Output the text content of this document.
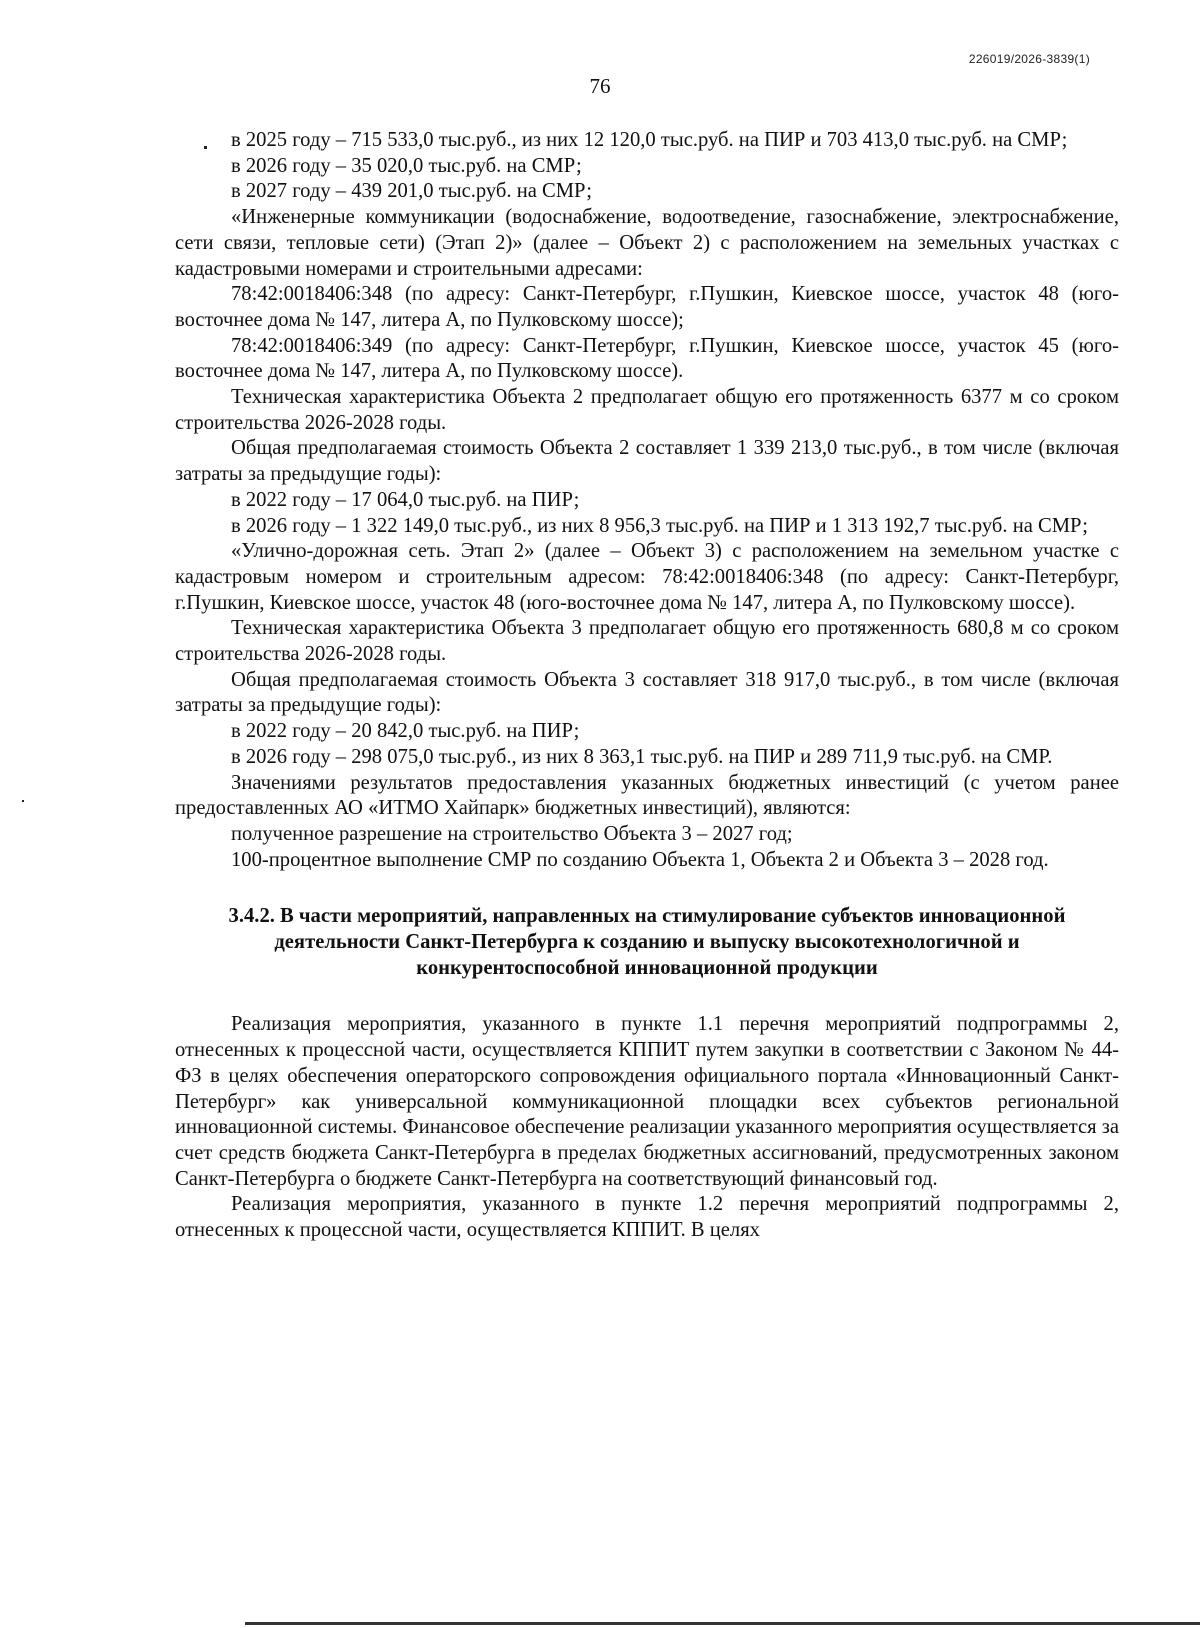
226019/2026-3839(1)
76

в 2025 году – 715 533,0 тыс.руб., из них 12 120,0 тыс.руб. на ПИР и 703 413,0 тыс.руб. на СМР;

в 2026 году – 35 020,0 тыс.руб. на СМР;

в 2027 году – 439 201,0 тыс.руб. на СМР;

«Инженерные коммуникации (водоснабжение, водоотведение, газоснабжение, электроснабжение, сети связи, тепловые сети) (Этап 2)» (далее – Объект 2) с расположением на земельных участках с кадастровыми номерами и строительными адресами:

78:42:0018406:348 (по адресу: Санкт-Петербург, г.Пушкин, Киевское шоссе, участок 48 (юго-восточнее дома № 147, литера А, по Пулковскому шоссе);

78:42:0018406:349 (по адресу: Санкт-Петербург, г.Пушкин, Киевское шоссе, участок 45 (юго-восточнее дома № 147, литера А, по Пулковскому шоссе).

Техническая характеристика Объекта 2 предполагает общую его протяженность 6377 м со сроком строительства 2026-2028 годы.

Общая предполагаемая стоимость Объекта 2 составляет 1 339 213,0 тыс.руб., в том числе (включая затраты за предыдущие годы):

в 2022 году – 17 064,0 тыс.руб. на ПИР;

в 2026 году – 1 322 149,0 тыс.руб., из них 8 956,3 тыс.руб. на ПИР и 1 313 192,7 тыс.руб. на СМР;

«Улично-дорожная сеть. Этап 2» (далее – Объект 3) с расположением на земельном участке с кадастровым номером и строительным адресом: 78:42:0018406:348 (по адресу: Санкт-Петербург, г.Пушкин, Киевское шоссе, участок 48 (юго-восточнее дома № 147, литера А, по Пулковскому шоссе).

Техническая характеристика Объекта 3 предполагает общую его протяженность 680,8 м со сроком строительства 2026-2028 годы.

Общая предполагаемая стоимость Объекта 3 составляет 318 917,0 тыс.руб., в том числе (включая затраты за предыдущие годы):

в 2022 году – 20 842,0 тыс.руб. на ПИР;

в 2026 году – 298 075,0 тыс.руб., из них 8 363,1 тыс.руб. на ПИР и 289 711,9 тыс.руб. на СМР.

Значениями результатов предоставления указанных бюджетных инвестиций (с учетом ранее предоставленных АО «ИТМО Хайпарк» бюджетных инвестиций), являются:

полученное разрешение на строительство Объекта 3 – 2027 год;

100-процентное выполнение СМР по созданию Объекта 1, Объекта 2 и Объекта 3 – 2028 год.

3.4.2. В части мероприятий, направленных на стимулирование субъектов инновационной деятельности Санкт-Петербурга к созданию и выпуску высокотехнологичной и конкурентоспособной инновационной продукции

Реализация мероприятия, указанного в пункте 1.1 перечня мероприятий подпрограммы 2, отнесенных к процессной части, осуществляется КППИТ путем закупки в соответствии с Законом № 44-ФЗ в целях обеспечения операторского сопровождения официального портала «Инновационный Санкт-Петербург» как универсальной коммуникационной площадки всех субъектов региональной инновационной системы. Финансовое обеспечение реализации указанного мероприятия осуществляется за счет средств бюджета Санкт-Петербурга в пределах бюджетных ассигнований, предусмотренных законом Санкт-Петербурга о бюджете Санкт-Петербурга на соответствующий финансовый год.

Реализация мероприятия, указанного в пункте 1.2 перечня мероприятий подпрограммы 2, отнесенных к процессной части, осуществляется КППИТ. В целях
